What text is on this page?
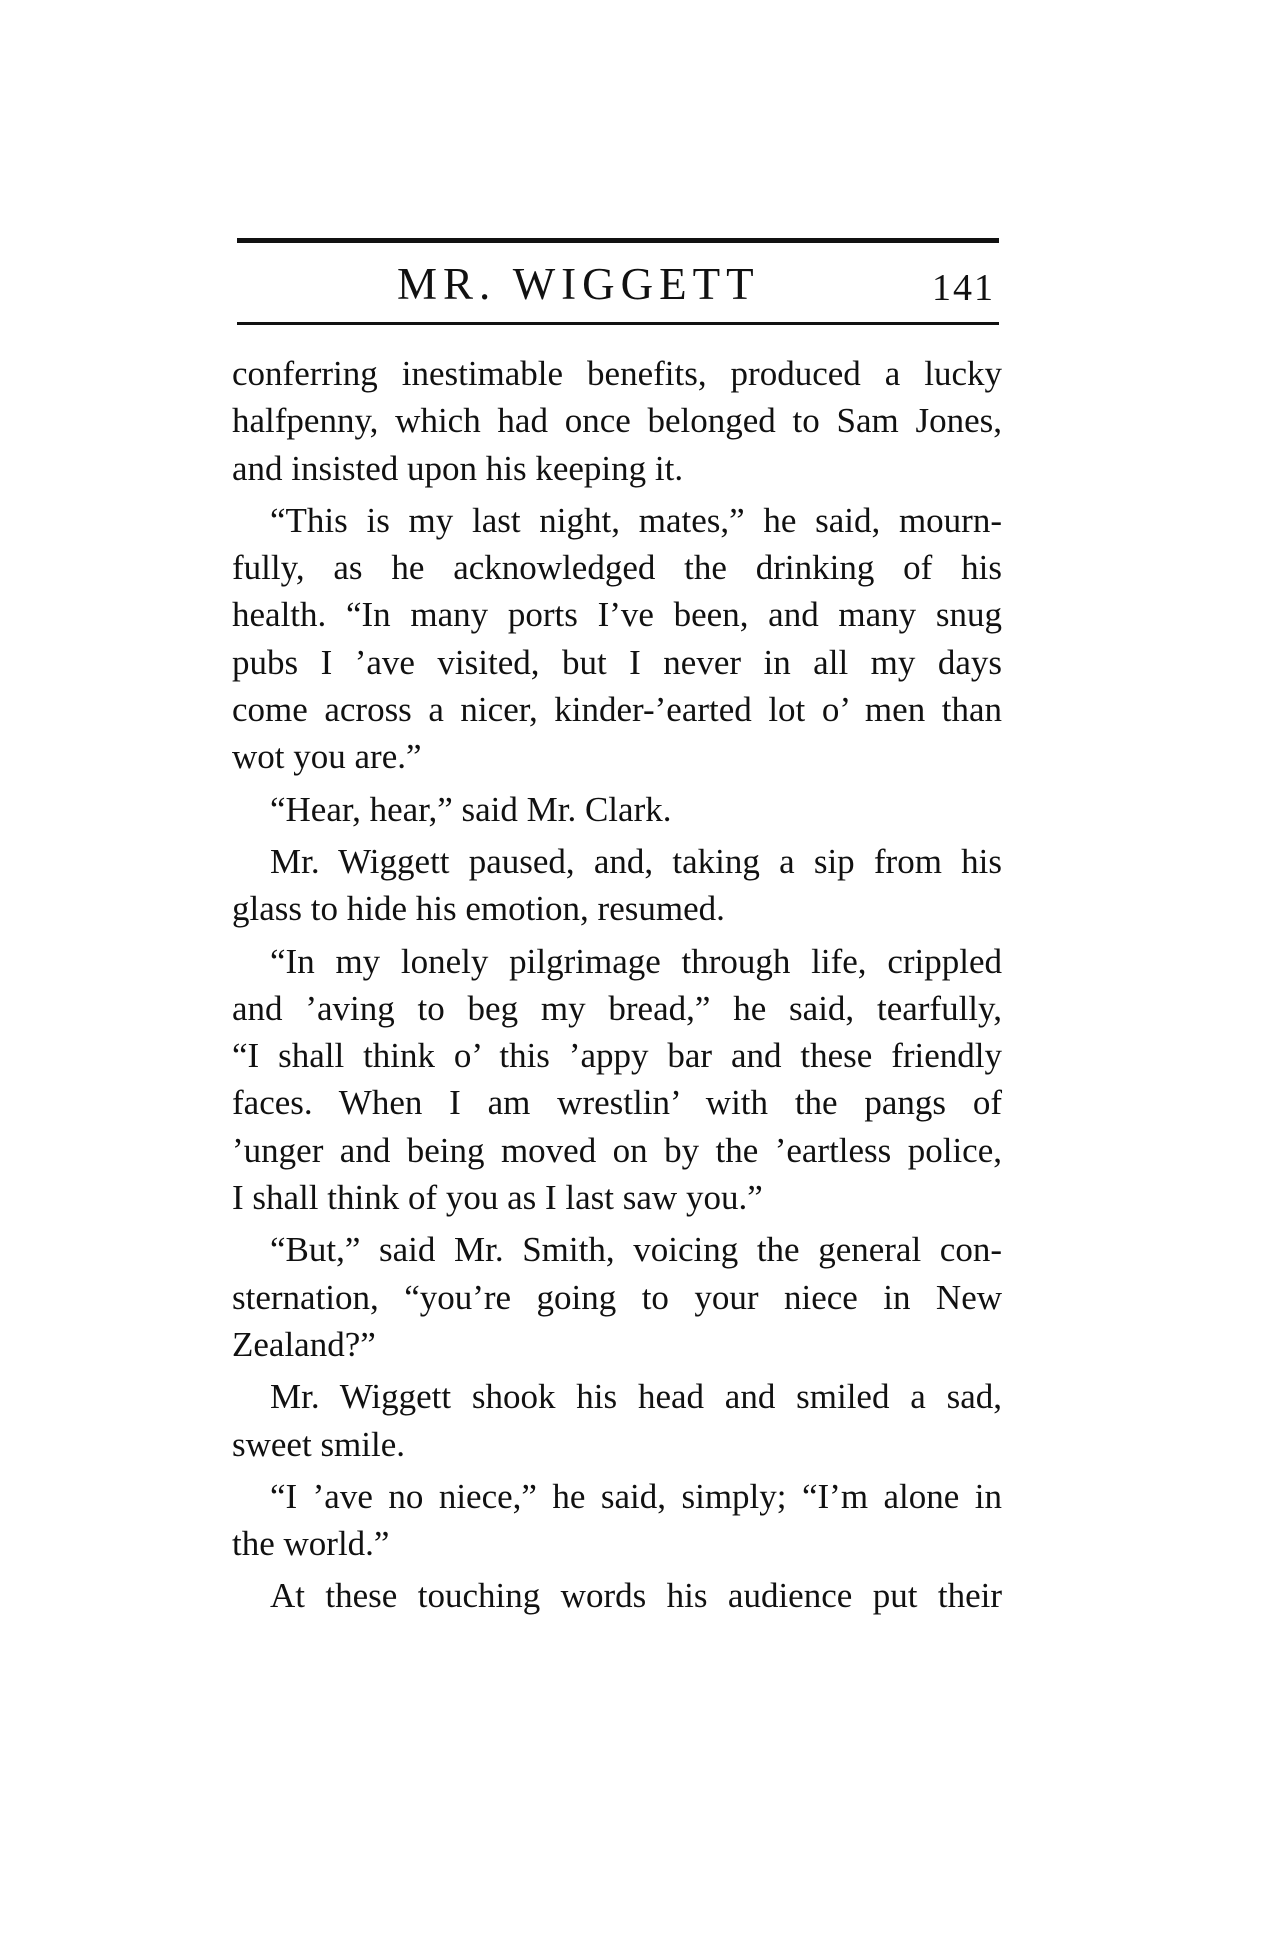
MR. WIGGETT	141
conferring inestimable benefits, produced a lucky
halfpenny, which had once belonged to Sam Jones,
and insisted upon his keeping it.
“This is my last night, mates,” he said, mourn-
fully, as he acknowledged the drinking of his
health. “In many ports I’ve been, and many snug
pubs I ’ave visited, but I never in all my days
come across a nicer, kinder-’earted lot o’ men than
wot you are.”
“Hear, hear,” said Mr. Clark.
Mr. Wiggett paused, and, taking a sip from his
glass to hide his emotion, resumed.
“In my lonely pilgrimage through life, crippled
and ’aving to beg my bread,” he said, tearfully,
“I shall think o’ this ’appy bar and these friendly
faces. When I am wrestlin’ with the pangs of
’unger and being moved on by the ’eartless police,
I shall think of you as I last saw you.”
“But,” said Mr. Smith, voicing the general con-
sternation, “you’re going to your niece in New
Zealand?”
Mr. Wiggett shook his head and smiled a sad,
sweet smile.
“I ’ave no niece,” he said, simply; “I’m alone in
the world.”
At these touching words his audience put their
